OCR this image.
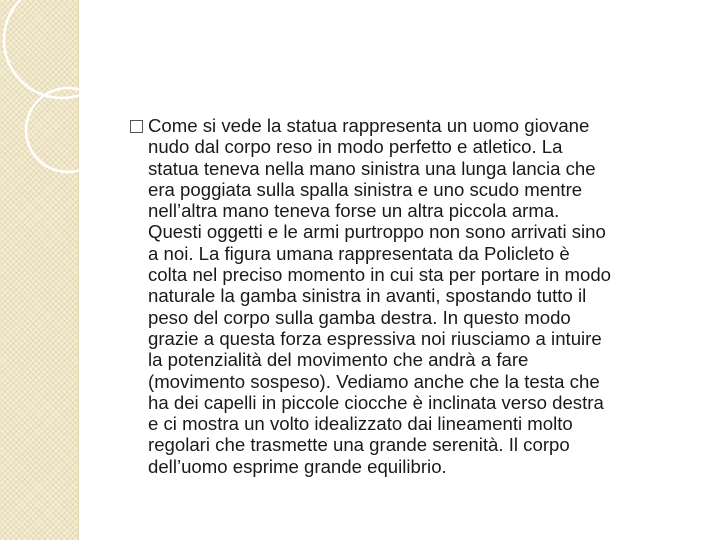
Come si vede la statua rappresenta un uomo giovane
nudo dal corpo reso in modo perfetto e atletico. La
statua teneva nella mano sinistra una lunga lancia che
era poggiata sulla spalla sinistra e uno scudo mentre
nell’altra mano teneva forse un altra piccola arma.
Questi oggetti e le armi purtroppo non sono arrivati sino
a noi. La figura umana rappresentata da Policleto è
colta nel preciso momento in cui sta per portare in modo
naturale la gamba sinistra in avanti, spostando tutto il
peso del corpo sulla gamba destra. In questo modo
grazie a questa forza espressiva noi riusciamo a intuire
la potenzialità del movimento che andrà a fare
(movimento sospeso). Vediamo anche che la testa che
ha dei capelli in piccole ciocche è inclinata verso destra
e ci mostra un volto idealizzato dai lineamenti molto
regolari che trasmette una grande serenità. Il corpo
dell’uomo esprime grande equilibrio.
